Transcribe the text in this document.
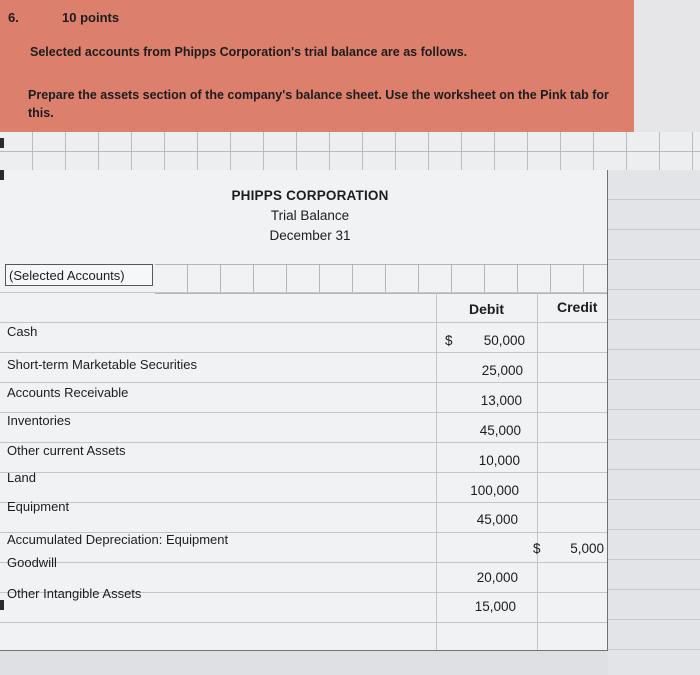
6.	10 points
Selected accounts from Phipps Corporation's trial balance are as follows.
Prepare the assets section of the company's balance sheet. Use the worksheet on the Pink tab for this.
PHIPPS CORPORATION
Trial Balance
December 31
(Selected Accounts)
Debit	Credit
$
$
Cash
Short-term Marketable Securities
Accounts Receivable
Inventories
Other current Assets
Land
Equipment
Accumulated Depreciation: Equipment
Goodwill
Other Intangible Assets
50,000
25,000
13,000
45,000
10,000
100,000
45,000
20,000
15,000
5,000
